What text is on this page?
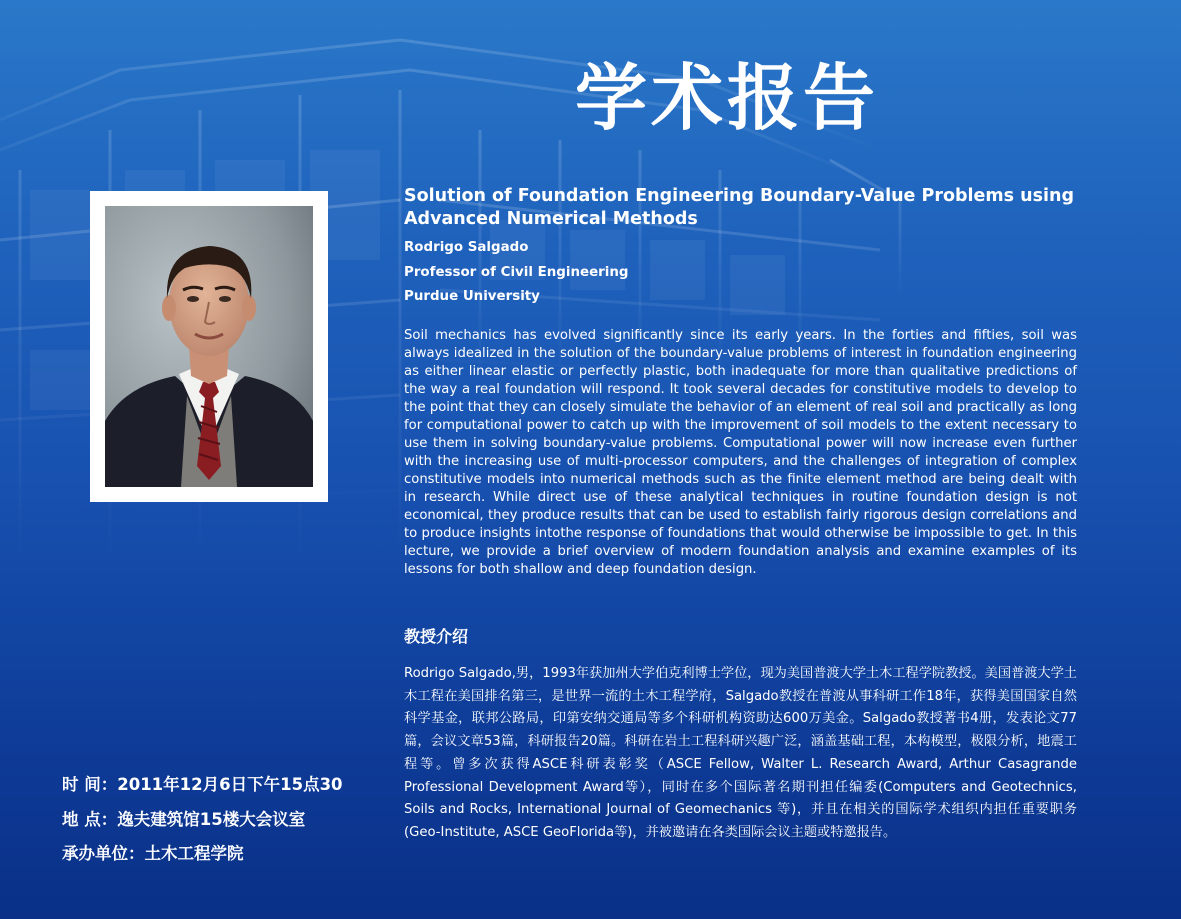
学术报告

Solution of Foundation Engineering Boundary-Value Problems using
Advanced Numerical Methods

Rodrigo Salgado

Professor of Civil Engineering

Purdue University

Soil mechanics has evolved significantly since its early years. In the forties and fifties, soil was always idealized in the solution of the boundary-value problems of interest in foundation engineering as either linear elastic or perfectly plastic, both inadequate for more than qualitative predictions of the way a real foundation will respond. It took several decades for constitutive models to develop to the point that they can closely simulate the behavior of an element of real soil and practically as long for computational power to catch up with the improvement of soil models to the extent necessary to use them in solving boundary-value problems. Computational power will now increase even further with the increasing use of multi-processor computers, and the challenges of integration of complex constitutive models into numerical methods such as the finite element method are being dealt with in research. While direct use of these analytical techniques in routine foundation design is not economical, they produce results that can be used to establish fairly rigorous design correlations and to produce insights intothe response of foundations that would otherwise be impossible to get. In this lecture, we provide a brief overview of modern foundation analysis and examine examples of its lessons for both shallow and deep foundation design.

教授介绍

Rodrigo Salgado,男，1993年获加州大学伯克利博士学位，现为美国普渡大学土木工程学院教授。美国普渡大学土木工程在美国排名第三，是世界一流的土木工程学府，Salgado教授在普渡从事科研工作18年，获得美国国家自然科学基金，联邦公路局，印第安纳交通局等多个科研机构资助达600万美金。Salgado教授著书4册，发表论文77篇，会议文章53篇，科研报告20篇。科研在岩土工程科研兴趣广泛，涵盖基础工程，本构模型，极限分析，地震工程等。曾多次获得ASCE科研表彰奖（ASCE Fellow, Walter L. Research Award, Arthur Casagrande Professional Development Award等），同时在多个国际著名期刊担任编委(Computers and Geotechnics, Soils and Rocks, International Journal of Geomechanics 等)，并且在相关的国际学术组织内担任重要职务(Geo-Institute, ASCE GeoFlorida等)，并被邀请在各类国际会议主题或特邀报告。

时 间：2011年12月6日下午15点30
地 点：逸夫建筑馆15楼大会议室
承办单位：土木工程学院
